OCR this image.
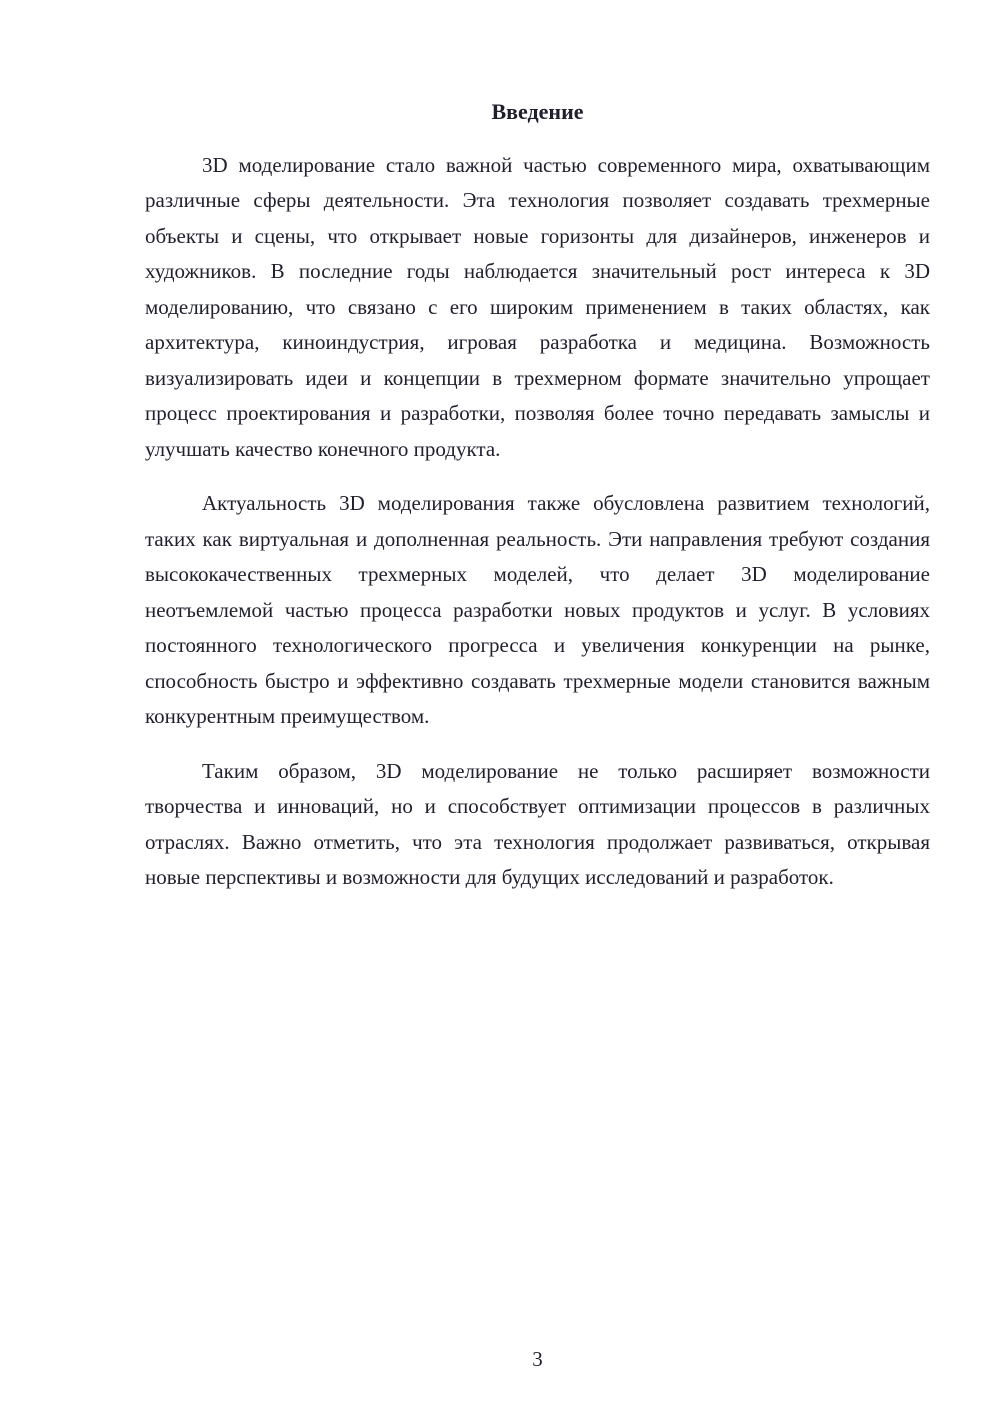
Введение

3D моделирование стало важной частью современного мира, охватывающим различные сферы деятельности. Эта технология позволяет создавать трехмерные объекты и сцены, что открывает новые горизонты для дизайнеров, инженеров и художников. В последние годы наблюдается значительный рост интереса к 3D моделированию, что связано с его широким применением в таких областях, как архитектура, киноиндустрия, игровая разработка и медицина. Возможность визуализировать идеи и концепции в трехмерном формате значительно упрощает процесс проектирования и разработки, позволяя более точно передавать замыслы и улучшать качество конечного продукта.

Актуальность 3D моделирования также обусловлена развитием технологий, таких как виртуальная и дополненная реальность. Эти направления требуют создания высококачественных трехмерных моделей, что делает 3D моделирование неотъемлемой частью процесса разработки новых продуктов и услуг. В условиях постоянного технологического прогресса и увеличения конкуренции на рынке, способность быстро и эффективно создавать трехмерные модели становится важным конкурентным преимуществом.

Таким образом, 3D моделирование не только расширяет возможности творчества и инноваций, но и способствует оптимизации процессов в различных отраслях. Важно отметить, что эта технология продолжает развиваться, открывая новые перспективы и возможности для будущих исследований и разработок.

3
